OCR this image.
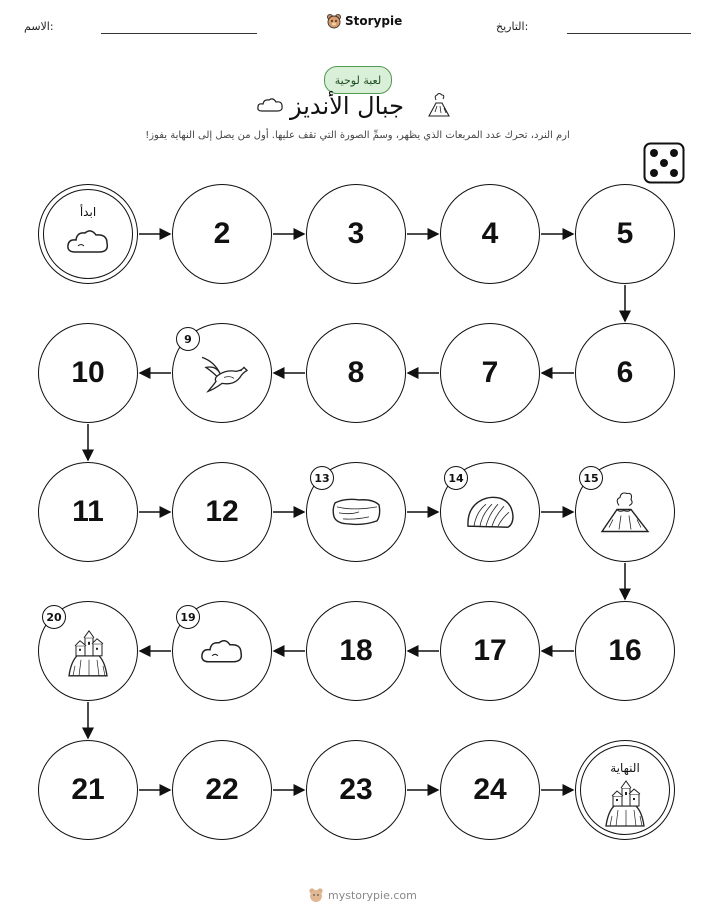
الاسم:	Storypie	التاريخ:
لعبة لوحية
جبال الأنديز
ارم النرد، تحرك عدد المربعات الذي يظهر، وسمِّ الصورة التي تقف عليها. أول من يصل إلى النهاية يفوز!
ابدأ
2	3	4	5
6
7
8
9
10
11	12
13	14	15
16
17
18
19
20
21	22	23	24
النهاية
mystorypie.com
